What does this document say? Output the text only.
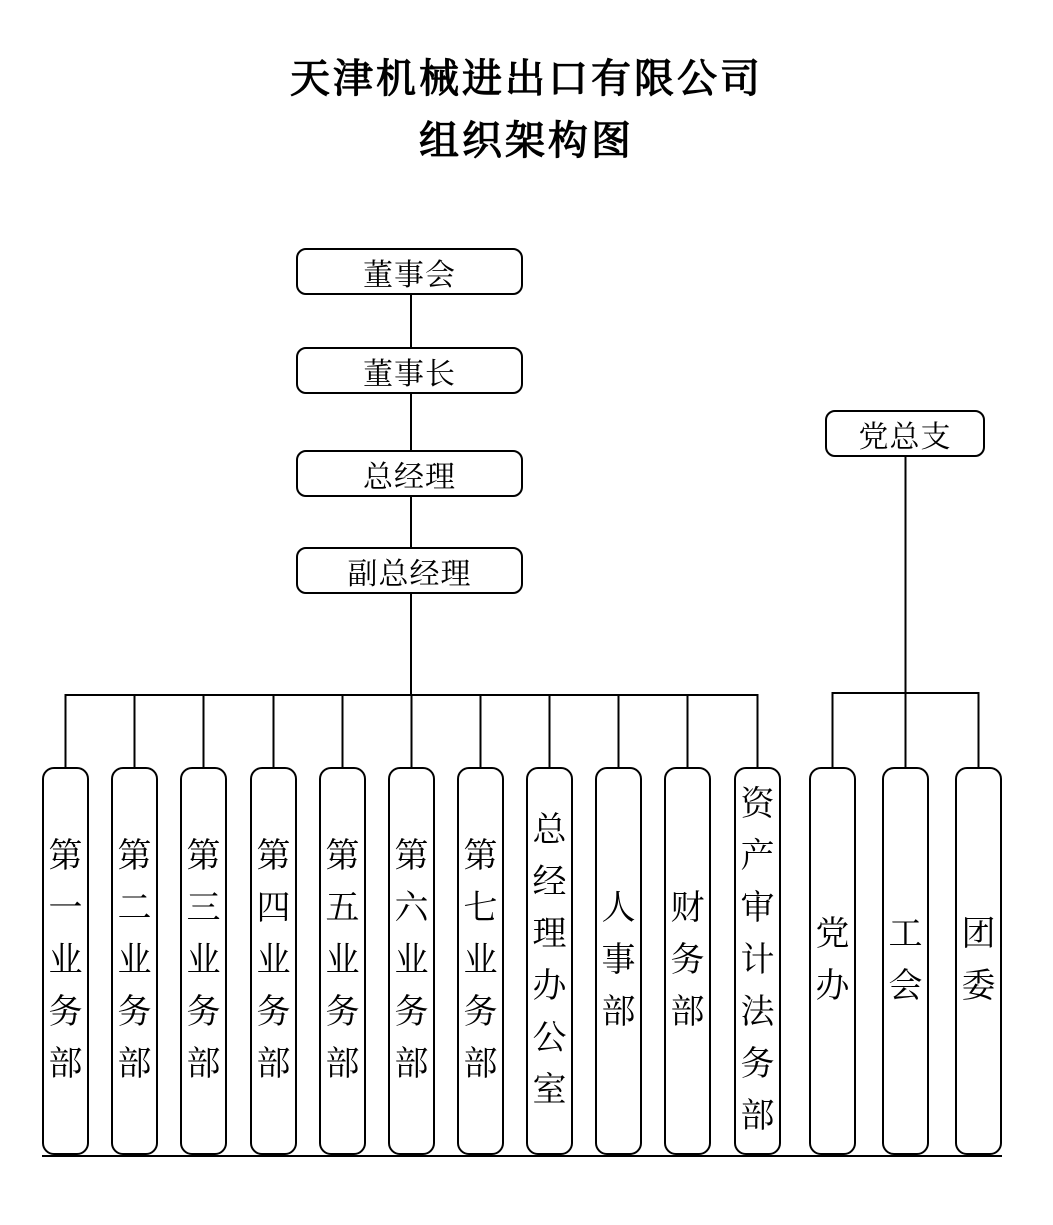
天津机械进出口有限公司
组织架构图
董事会
董事长
总经理
副总经理
党总支
第
一
业
务
部
第
二
业
务
部
第
三
业
务
部
第
四
业
务
部
第
五
业
务
部
第
六
业
务
部
第
七
业
务
部
总
经
理
办
公
室
人
事
部
财
务
部
资
产
审
计
法
务
部
党
办
工
会
团
委
